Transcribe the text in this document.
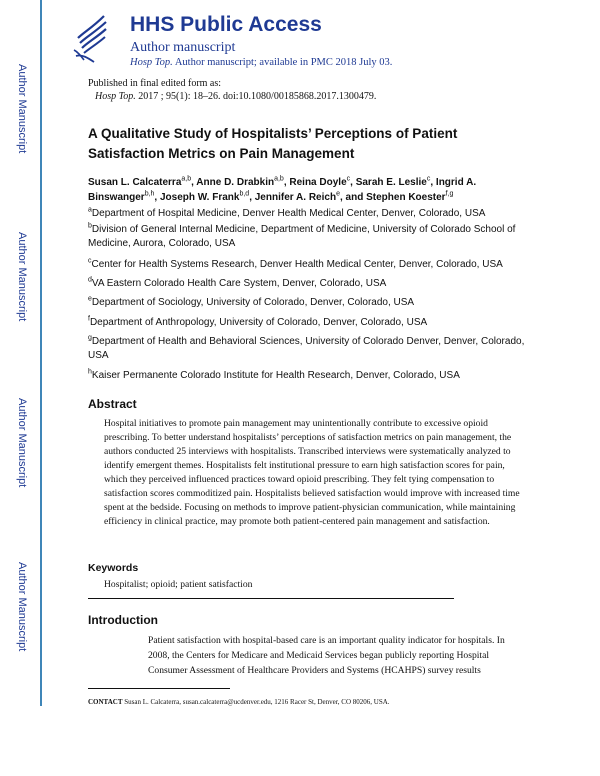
Author Manuscript
Author Manuscript
Author Manuscript
Author Manuscript
HHS Public Access
Author manuscript
Hosp Top. Author manuscript; available in PMC 2018 July 03.
Published in final edited form as:
Hosp Top. 2017 ; 95(1): 18–26. doi:10.1080/00185868.2017.1300479.
A Qualitative Study of Hospitalists’ Perceptions of Patient Satisfaction Metrics on Pain Management
Susan L. Calcaterra$^{a,b}$, Anne D. Drabkin$^{a,b}$, Reina Doyle$^c$, Sarah E. Leslie$^c$, Ingrid A. Binswanger$^{b,h}$, Joseph W. Frank$^{b,d}$, Jennifer A. Reich$^e$, and Stephen Koester$^{f,g}$
$^a$Department of Hospital Medicine, Denver Health Medical Center, Denver, Colorado, USA
$^b$Division of General Internal Medicine, Department of Medicine, University of Colorado School of Medicine, Aurora, Colorado, USA
$^c$Center for Health Systems Research, Denver Health Medical Center, Denver, Colorado, USA
$^d$VA Eastern Colorado Health Care System, Denver, Colorado, USA
$^e$Department of Sociology, University of Colorado, Denver, Colorado, USA
$^f$Department of Anthropology, University of Colorado, Denver, Colorado, USA
$^g$Department of Health and Behavioral Sciences, University of Colorado Denver, Denver, Colorado, USA
$^h$Kaiser Permanente Colorado Institute for Health Research, Denver, Colorado, USA
Abstract
Hospital initiatives to promote pain management may unintentionally contribute to excessive opioid prescribing. To better understand hospitalists’ perceptions of satisfaction metrics on pain management, the authors conducted 25 interviews with hospitalists. Transcribed interviews were systematically analyzed to identify emergent themes. Hospitalists felt institutional pressure to earn high satisfaction scores for pain, which they perceived influenced practices toward opioid prescribing. They felt tying compensation to satisfaction scores commoditized pain. Hospitalists believed satisfaction would improve with increased time spent at the bedside. Focusing on methods to improve patient-physician communication, while maintaining efficiency in clinical practice, may promote both patient-centered pain management and satisfaction.
Keywords
Hospitalist; opioid; patient satisfaction
Introduction
Patient satisfaction with hospital-based care is an important quality indicator for hospitals. In 2008, the Centers for Medicare and Medicaid Services began publicly reporting Hospital Consumer Assessment of Healthcare Providers and Systems (HCAHPS) survey results
CONTACT Susan L. Calcaterra, susan.calcaterra@ucdenver.edu, 1216 Racer St, Denver, CO 80206, USA.
